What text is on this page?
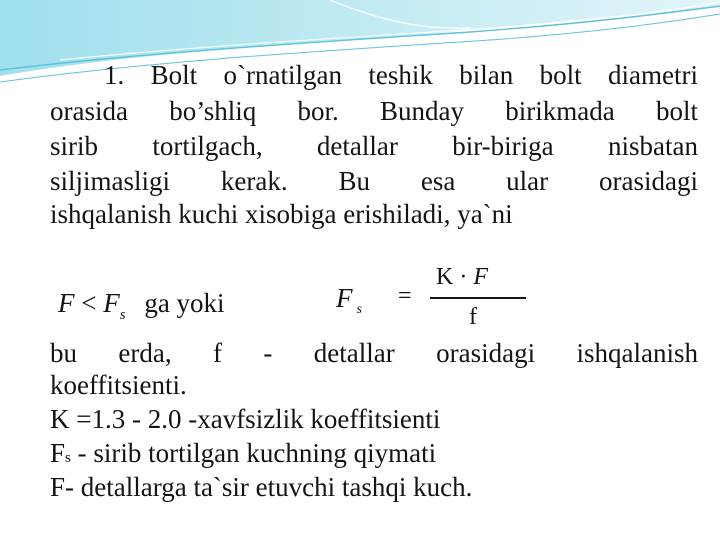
1. Bolt o`rnatilgan teshik bilan bolt diametri
orasida bo’shliq bor. Bunday birikmada bolt
sirib tortilgach, detallar bir-biriga nisbatan
siljimasligi kerak. Bu esa ular orasidagi
ishqalanish kuchi xisobiga erishiladi, ya`ni
$F < F_s$ ga yoki	F $_s$
=
K · F
f
bu erda, f - detallar orasidagi ishqalanish
koeffitsienti.
K =1.3 - 2.0 -xavfsizlik koeffitsienti
Fs - sirib tortilgan kuchning qiymati
F- detallarga ta`sir etuvchi tashqi kuch.
